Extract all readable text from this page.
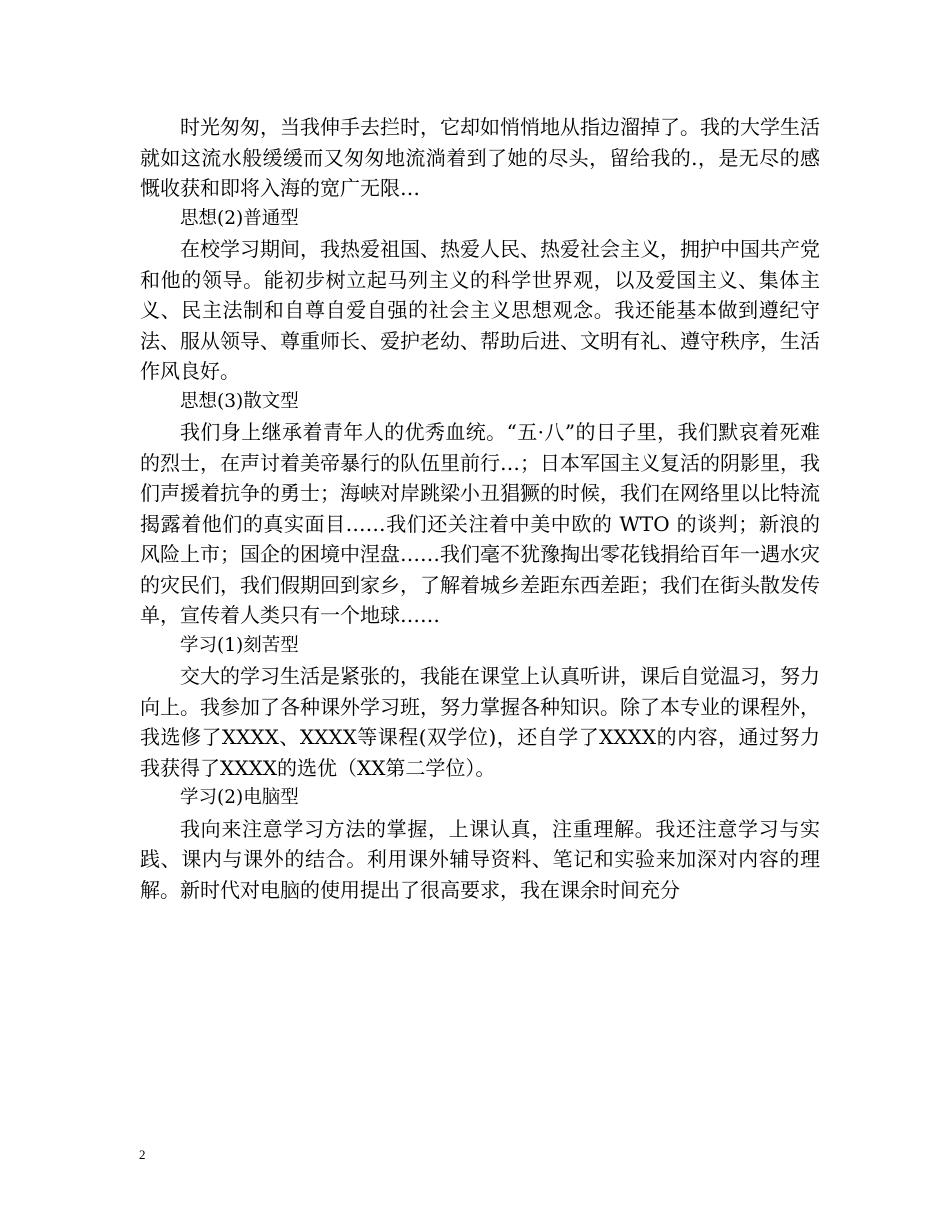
时光匆匆，当我伸手去拦时，它却如悄悄地从指边溜掉了。我的大学生活就如这流水般缓缓而又匆匆地流淌着到了她的尽头，留给我的.，是无尽的感慨收获和即将入海的宽广无限…

思想(2)普通型

在校学习期间，我热爱祖国、热爱人民、热爱社会主义，拥护中国共产党和他的领导。能初步树立起马列主义的科学世界观，以及爱国主义、集体主义、民主法制和自尊自爱自强的社会主义思想观念。我还能基本做到遵纪守法、服从领导、尊重师长、爱护老幼、帮助后进、文明有礼、遵守秩序，生活作风良好。

思想(3)散文型

我们身上继承着青年人的优秀血统。“五·八”的日子里，我们默哀着死难的烈士，在声讨着美帝暴行的队伍里前行…；日本军国主义复活的阴影里，我们声援着抗争的勇士；海峡对岸跳梁小丑猖獗的时候，我们在网络里以比特流揭露着他们的真实面目……我们还关注着中美中欧的 WTO 的谈判；新浪的风险上市；国企的困境中涅盘……我们毫不犹豫掏出零花钱捐给百年一遇水灾的灾民们，我们假期回到家乡，了解着城乡差距东西差距；我们在街头散发传单，宣传着人类只有一个地球……

学习(1)刻苦型

交大的学习生活是紧张的，我能在课堂上认真听讲，课后自觉温习，努力向上。我参加了各种课外学习班，努力掌握各种知识。除了本专业的课程外，我选修了XXXX、XXXX等课程(双学位)，还自学了XXXX的内容，通过努力我获得了XXXX的选优（XX第二学位）。

学习(2)电脑型

我向来注意学习方法的掌握，上课认真，注重理解。我还注意学习与实践、课内与课外的结合。利用课外辅导资料、笔记和实验来加深对内容的理解。新时代对电脑的使用提出了很高要求，我在课余时间充分

2
